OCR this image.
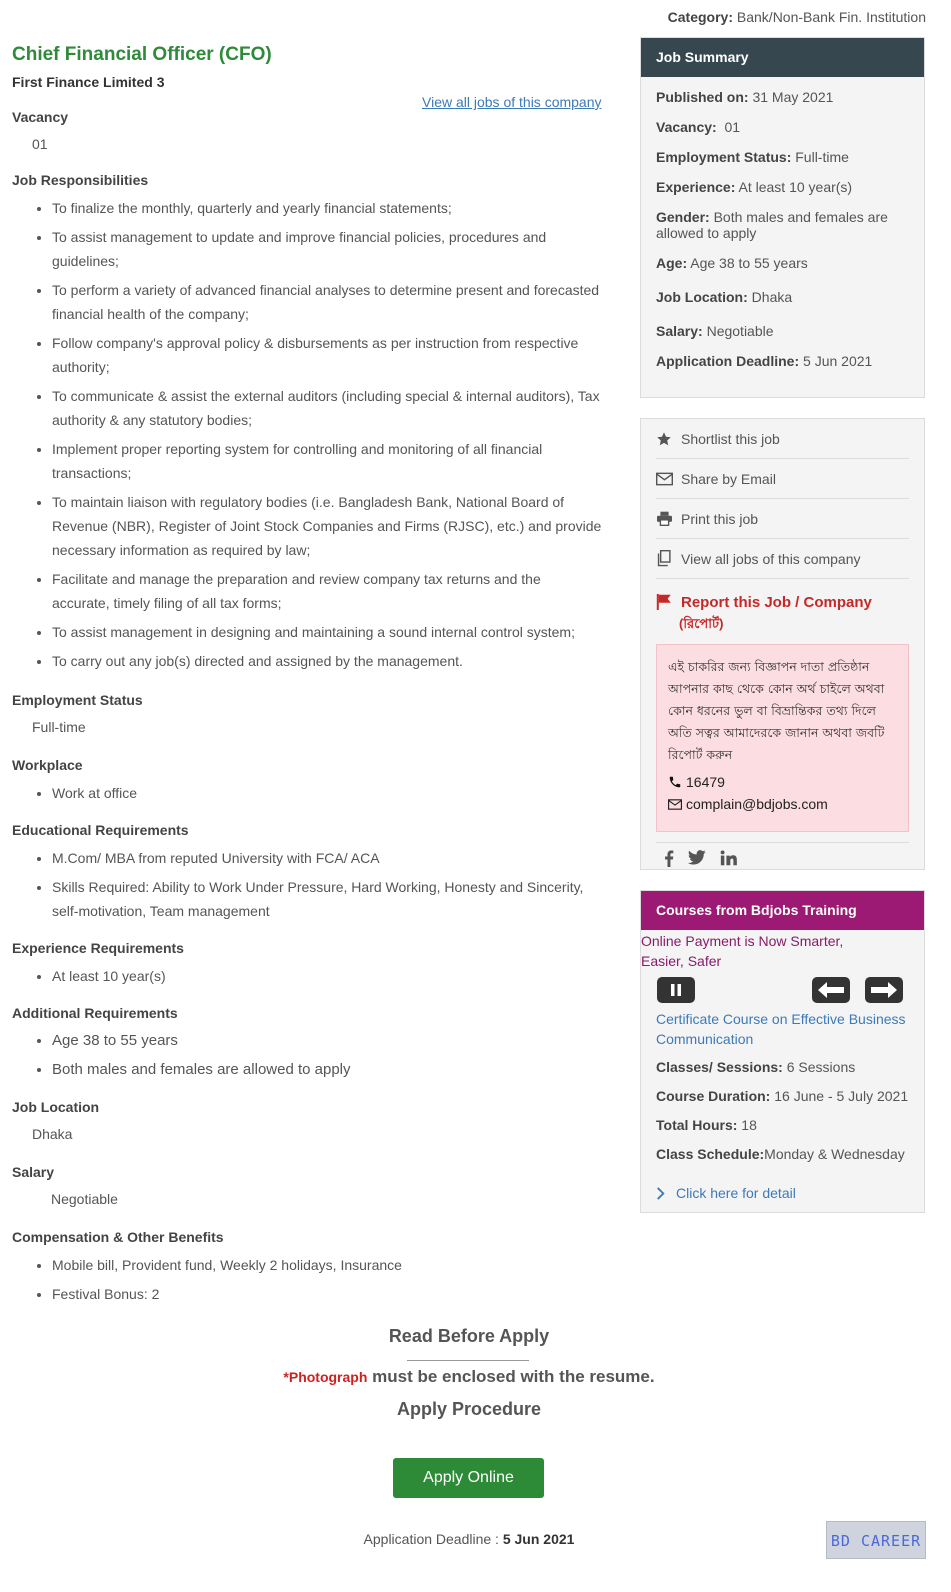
Category: Bank/Non-Bank Fin. Institution
Chief Financial Officer (CFO)
First Finance Limited 3
View all jobs of this company
Vacancy
01
Job Responsibilities
• To finalize the monthly, quarterly and yearly financial statements;
• To assist management to update and improve financial policies, procedures and guidelines;
• To perform a variety of advanced financial analyses to determine present and forecasted financial health of the company;
• Follow company's approval policy & disbursements as per instruction from respective authority;
• To communicate & assist the external auditors (including special & internal auditors), Tax authority & any statutory bodies;
• Implement proper reporting system for controlling and monitoring of all financial transactions;
• To maintain liaison with regulatory bodies (i.e. Bangladesh Bank, National Board of Revenue (NBR), Register of Joint Stock Companies and Firms (RJSC), etc.) and provide necessary information as required by law;
• Facilitate and manage the preparation and review company tax returns and the accurate, timely filing of all tax forms;
• To assist management in designing and maintaining a sound internal control system;
• To carry out any job(s) directed and assigned by the management.
Employment Status
Full-time
Workplace
• Work at office
Educational Requirements
• M.Com/ MBA from reputed University with FCA/ ACA
• Skills Required: Ability to Work Under Pressure, Hard Working, Honesty and Sincerity, self-motivation, Team management
Experience Requirements
• At least 10 year(s)
Additional Requirements
• Age 38 to 55 years
• Both males and females are allowed to apply
Job Location
Dhaka
Salary
Negotiable
Compensation & Other Benefits
• Mobile bill, Provident fund, Weekly 2 holidays, Insurance
• Festival Bonus: 2
Read Before Apply
*Photograph must be enclosed with the resume.
Apply Procedure
Apply Online
Application Deadline : 5 Jun 2021	BD CAREER
Job Summary
Published on: 31 May 2021
Vacancy:  01
Employment Status: Full-time
Experience: At least 10 year(s)
Gender: Both males and females are allowed to apply
Age: Age 38 to 55 years
Job Location: Dhaka
Salary: Negotiable
Application Deadline: 5 Jun 2021
Shortlist this job
Share by Email
Print this job
View all jobs of this company
Report this Job / Company
(রিপোর্ট)

এই চাকরির জন্য বিজ্ঞাপন দাতা প্রতিষ্ঠান আপনার কাছ থেকে কোন অর্থ চাইলে অথবা কোন ধরনের ভুল বা বিভ্রান্তিকর তথ্য দিলে অতি সত্বর আমাদেরকে জানান অথবা জবটি রিপোর্ট করুন

16479
complain@bdjobs.com
Courses from Bdjobs Training
Online Payment is Now Smarter, Easier, Safer
Certificate Course on Effective Business Communication
Classes/ Sessions: 6 Sessions
Course Duration: 16 June - 5 July 2021
Total Hours: 18
Class Schedule:Monday & Wednesday
Click here for detail
